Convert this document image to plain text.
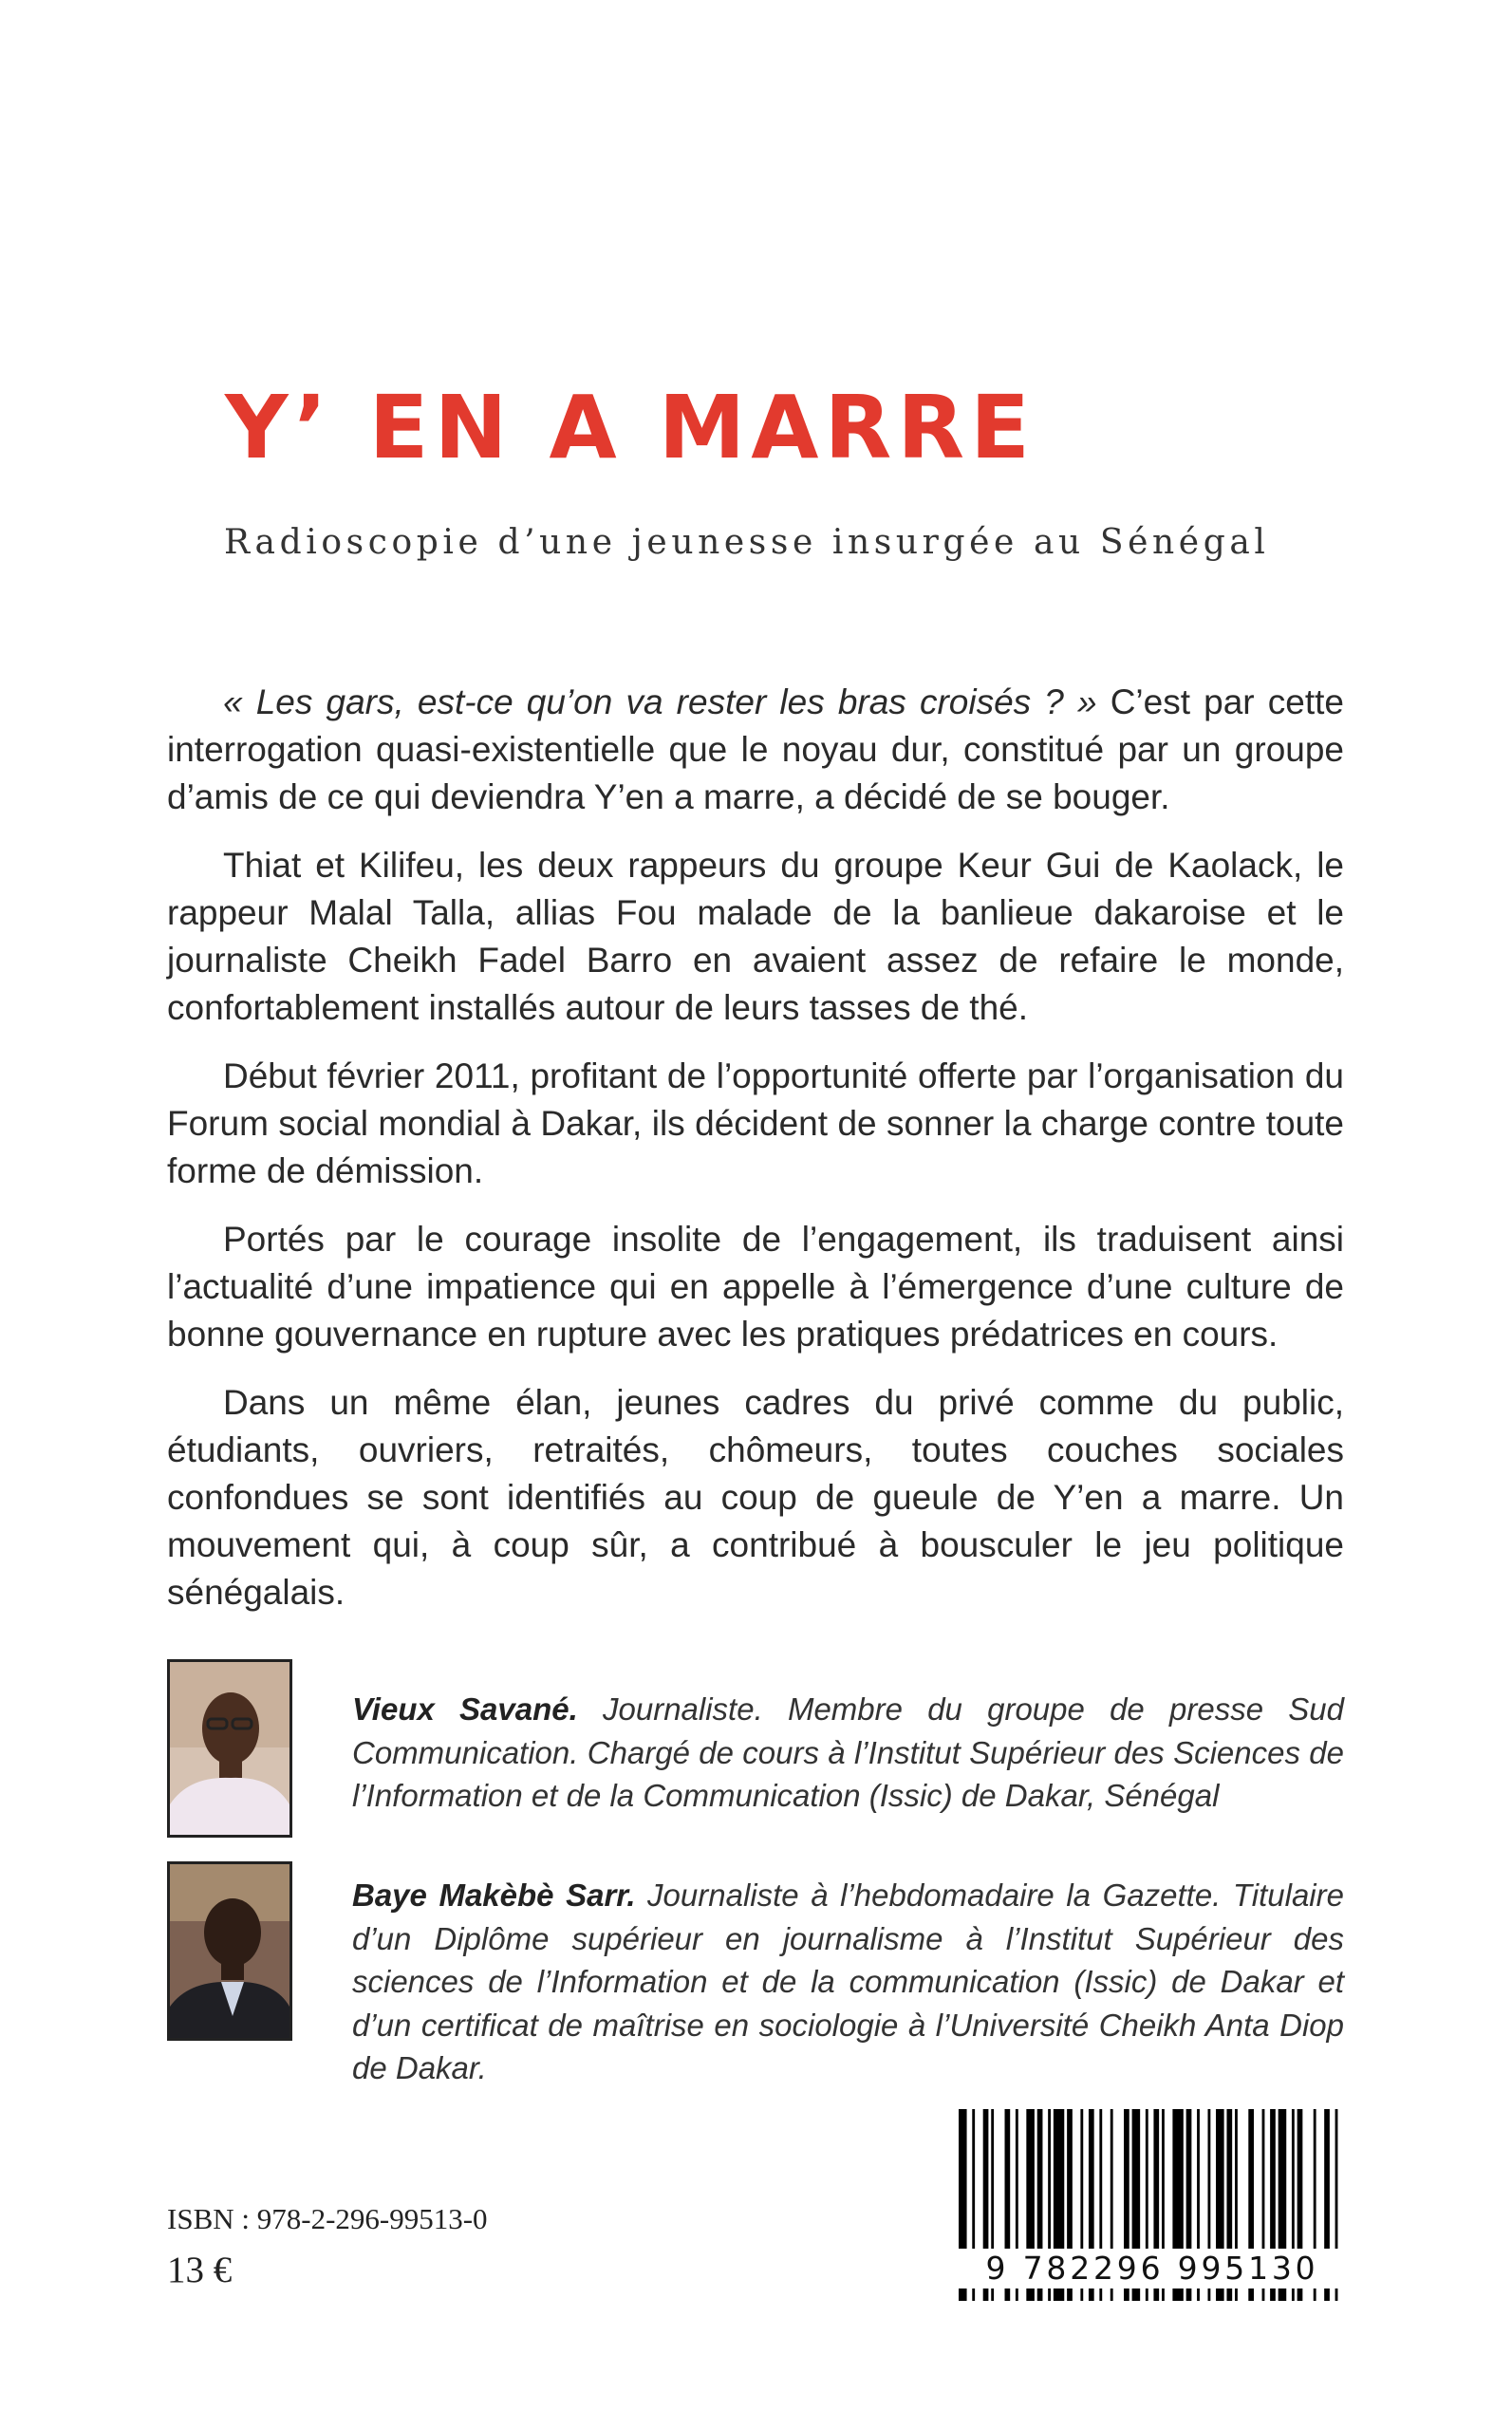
Y’ EN A MARRE
Radioscopie d’une jeunesse insurgée au Sénégal

« Les gars, est-ce qu’on va rester les bras croisés ? » C’est par cette interrogation quasi-existentielle que le noyau dur, constitué par un groupe d’amis de ce qui deviendra Y’en a marre, a décidé de se bouger.

Thiat et Kilifeu, les deux rappeurs du groupe Keur Gui de Kaolack, le rappeur Malal Talla, allias Fou malade de la banlieue dakaroise et le journaliste Cheikh Fadel Barro en avaient assez de refaire le monde, confortablement installés autour de leurs tasses de thé.

Début février 2011, profitant de l’opportunité offerte par l’organisation du Forum social mondial à Dakar, ils décident de sonner la charge contre toute forme de démission.

Portés par le courage insolite de l’engagement, ils traduisent ainsi l’actualité d’une impatience qui en appelle à l’émergence d’une culture de bonne gouvernance en rupture avec les pratiques prédatrices en cours.

Dans un même élan, jeunes cadres du privé comme du public, étudiants, ouvriers, retraités, chômeurs, toutes couches sociales confondues se sont identifiés au coup de gueule de Y’en a marre. Un mouvement qui, à coup sûr, a contribué à bousculer le jeu politique sénégalais.

Vieux Savané. Journaliste. Membre du groupe de presse Sud Communication. Chargé de cours à l’Institut Supérieur des Sciences de l’Information et de la Communication (Issic) de Dakar, Sénégal
Baye Makèbè Sarr. Journaliste à l’hebdomadaire la Gazette. Titulaire d’un Diplôme supérieur en journalisme à l’Institut Supérieur des sciences de l’Information et de la communication (Issic) de Dakar et d’un certificat de maîtrise en sociologie à l’Université Cheikh Anta Diop de Dakar.
ISBN : 978-2-296-99513-0
13 €	9 782296 995130
